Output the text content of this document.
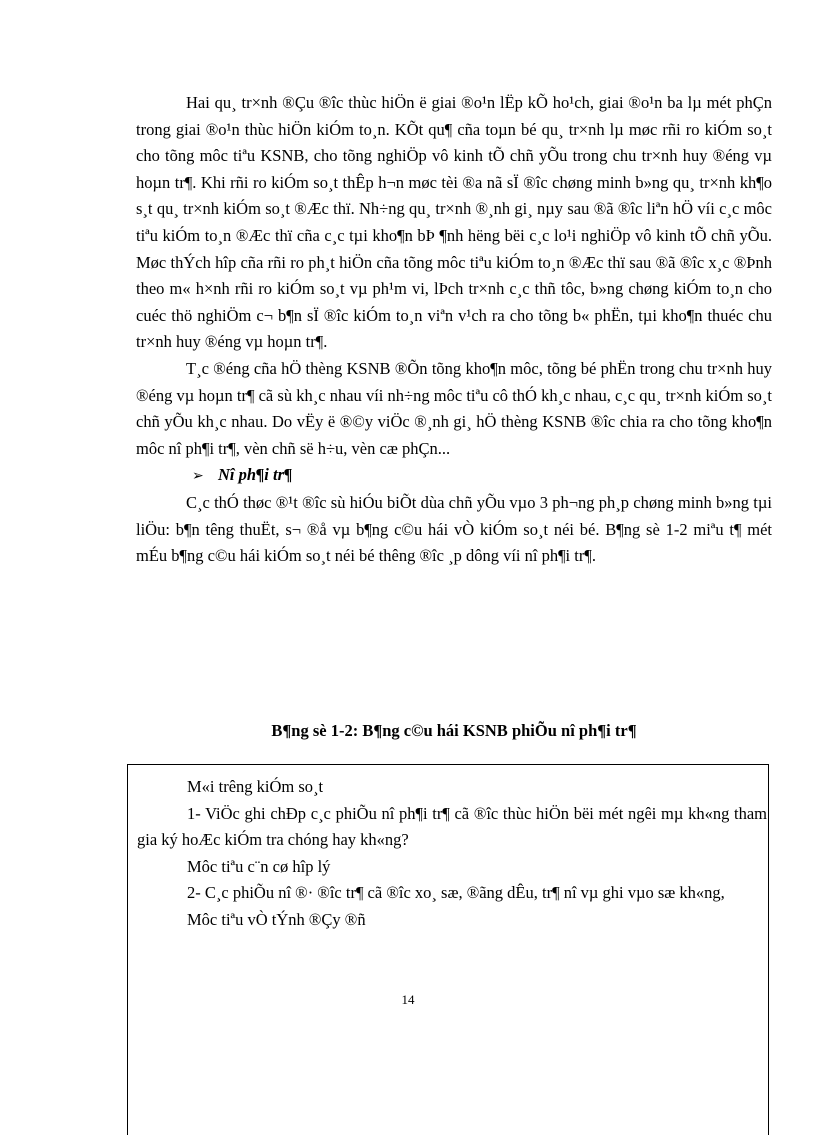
Hai qu¸ tr×nh ®Çu ®îc thùc hiÖn ë giai ®o¹n lËp kÕ ho¹ch, giai ®o¹n ba lµ mét phÇn trong giai ®o¹n thùc hiÖn kiÓm to¸n. KÕt qu¶ cña toµn bé qu¸ tr×nh lµ møc rñi ro kiÓm so¸t cho tõng môc tiªu KSNB, cho tõng nghiÖp vô kinh tÕ chñ yÕu trong chu tr×nh huy ®éng vµ hoµn tr¶. Khi rñi ro kiÓm so¸t thÊp h¬n møc tèi ®a nã sÏ ®îc chøng minh b»ng qu¸ tr×nh kh¶o s¸t qu¸ tr×nh kiÓm so¸t ®Æc thï. Nh÷ng qu¸ tr×nh ®¸nh gi¸ nµy sau ®ã ®îc liªn hÖ víi c¸c môc tiªu kiÓm to¸n ®Æc thï cña c¸c tµi kho¶n bÞ ¶nh hëng bëi c¸c lo¹i nghiÖp vô kinh tÕ chñ yÕu. Møc thÝch hîp cña rñi ro ph¸t hiÖn cña tõng môc tiªu kiÓm to¸n ®Æc thï sau ®ã ®îc x¸c ®Þnh theo m« h×nh rñi ro kiÓm so¸t vµ ph¹m vi, lÞch tr×nh c¸c thñ tôc, b»ng chøng kiÓm to¸n cho cuéc thö nghiÖm c¬ b¶n sÏ ®îc kiÓm to¸n viªn v¹ch ra cho tõng b« phËn, tµi kho¶n thuéc chu tr×nh huy ®éng vµ hoµn tr¶.

T¸c ®éng cña hÖ thèng KSNB ®Õn tõng kho¶n môc, tõng bé phËn trong chu tr×nh huy ®éng vµ hoµn tr¶ cã sù kh¸c nhau víi nh÷ng môc tiªu cô thÓ kh¸c nhau, c¸c qu¸ tr×nh kiÓm so¸t chñ yÕu kh¸c nhau. Do vËy ë ®©y viÖc ®¸nh gi¸ hÖ thèng KSNB ®îc chia ra cho tõng kho¶n môc nî ph¶i tr¶, vèn chñ së h÷u, vèn cæ phÇn...

➢ Nî ph¶i tr¶

C¸c thÓ thøc ®¹t ®îc sù hiÓu biÕt dùa chñ yÕu vµo 3 ph¬ng ph¸p chøng minh b»ng tµi liÖu: b¶n têng thuËt, s¬ ®å vµ b¶ng c©u hái vÒ kiÓm so¸t néi bé. B¶ng sè 1-2 miªu t¶ mét mÉu b¶ng c©u hái kiÓm so¸t néi bé thêng ®îc ¸p dông víi nî ph¶i tr¶.

B¶ng sè 1-2: B¶ng c©u hái KSNB phiÕu nî ph¶i tr¶

M«i trêng kiÓm so¸t

1- ViÖc ghi chÐp c¸c phiÕu nî ph¶i tr¶ cã ®îc thùc hiÖn bëi mét ngêi mµ kh«ng tham gia ký hoÆc kiÓm tra chóng hay kh«ng?

Môc tiªu c¨n cø hîp lý

2- C¸c phiÕu nî ®· ®îc tr¶ cã ®îc xo¸ sæ, ®ãng dÊu, tr¶ nî vµ ghi vµo sæ kh«ng,

Môc tiªu vÒ tÝnh ®Çy ®ñ

14
